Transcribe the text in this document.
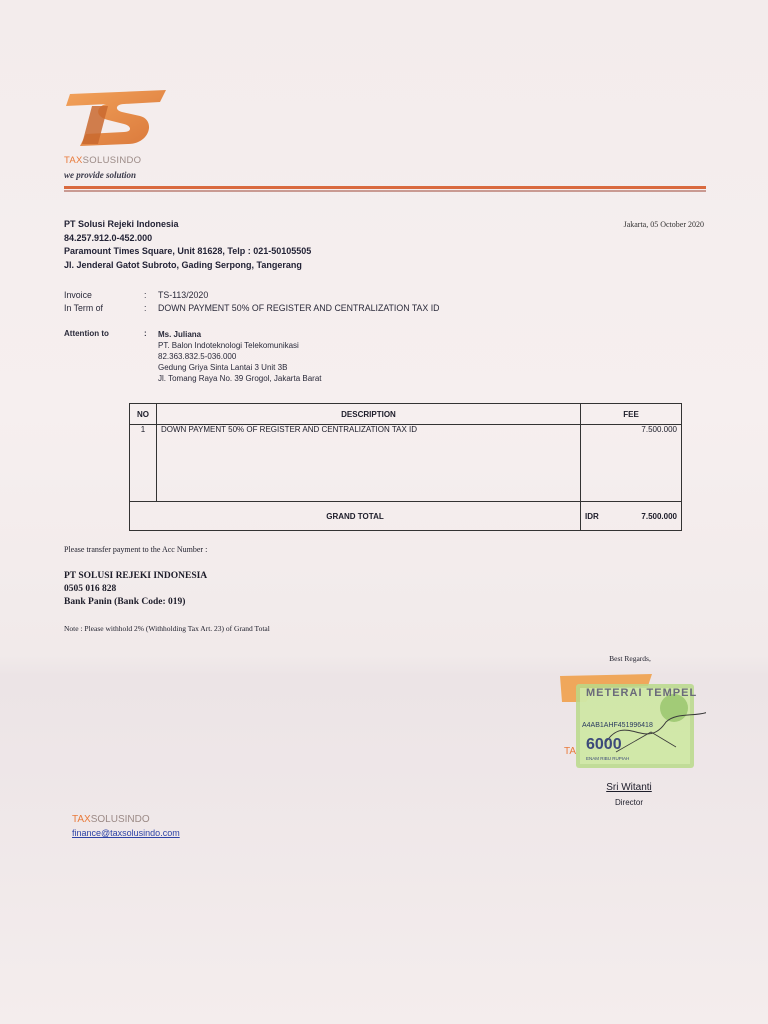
TAXSOLUSINDO
we provide solution
PT Solusi Rejeki Indonesia
84.257.912.0-452.000
Paramount Times Square, Unit 81628, Telp : 021-50105505
Jl. Jenderal Gatot Subroto, Gading Serpong, Tangerang
Jakarta, 05 October 2020
Invoice	:	TS-113/2020
In Term of	:	DOWN PAYMENT 50% OF REGISTER AND CENTRALIZATION TAX ID
Attention to	:	Ms. Juliana
PT. Balon Indoteknologi Telekomunikasi
82.363.832.5-036.000
Gedung Griya Sinta Lantai 3 Unit 3B
Jl. Tomang Raya No. 39 Grogol, Jakarta Barat
NO	DESCRIPTION	FEE
1	DOWN PAYMENT 50% OF REGISTER AND CENTRALIZATION TAX ID	7.500.000
GRAND TOTAL		IDR 7.500.000
Please transfer payment to the Acc Number :
PT SOLUSI REJEKI INDONESIA
0505 016 828
Bank Panin (Bank Code: 019)
Note : Please withhold 2% (Withholding Tax Art. 23) of Grand Total
Best Regards,
TA
METERAI TEMPEL
A4AB1AHF451996418
6000
ENAM RIBU RUPIAH
Sri Witanti
Director
TAXSOLUSINDO
finance@taxsolusindo.com
